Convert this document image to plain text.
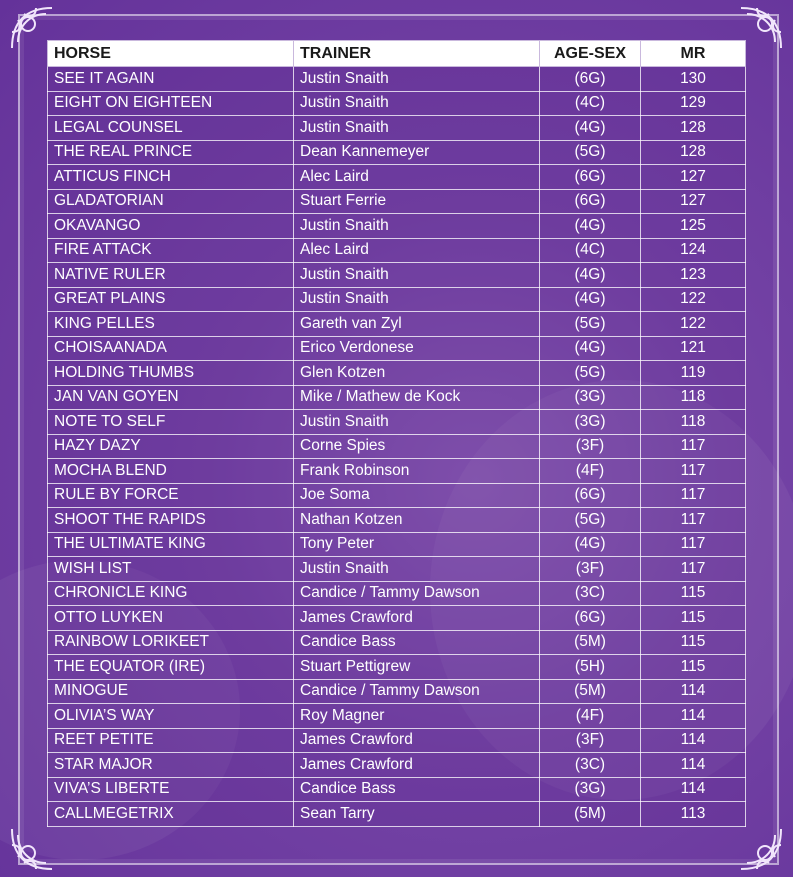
HORSE	TRAINER	AGE-SEX	MR
SEE IT AGAIN	Justin Snaith	(6G)	130
EIGHT ON EIGHTEEN	Justin Snaith	(4C)	129
LEGAL COUNSEL	Justin Snaith	(4G)	128
THE REAL PRINCE	Dean Kannemeyer	(5G)	128
ATTICUS FINCH	Alec Laird	(6G)	127
GLADATORIAN	Stuart Ferrie	(6G)	127
OKAVANGO	Justin Snaith	(4G)	125
FIRE ATTACK	Alec Laird	(4C)	124
NATIVE RULER	Justin Snaith	(4G)	123
GREAT PLAINS	Justin Snaith	(4G)	122
KING PELLES	Gareth van Zyl	(5G)	122
CHOISAANADA	Erico Verdonese	(4G)	121
HOLDING THUMBS	Glen Kotzen	(5G)	119
JAN VAN GOYEN	Mike / Mathew de Kock	(3G)	118
NOTE TO SELF	Justin Snaith	(3G)	118
HAZY DAZY	Corne Spies	(3F)	117
MOCHA BLEND	Frank Robinson	(4F)	117
RULE BY FORCE	Joe Soma	(6G)	117
SHOOT THE RAPIDS	Nathan Kotzen	(5G)	117
THE ULTIMATE KING	Tony Peter	(4G)	117
WISH LIST	Justin Snaith	(3F)	117
CHRONICLE KING	Candice / Tammy Dawson	(3C)	115
OTTO LUYKEN	James Crawford	(6G)	115
RAINBOW LORIKEET	Candice Bass	(5M)	115
THE EQUATOR (IRE)	Stuart Pettigrew	(5H)	115
MINOGUE	Candice / Tammy Dawson	(5M)	114
OLIVIA’S WAY	Roy Magner	(4F)	114
REET PETITE	James Crawford	(3F)	114
STAR MAJOR	James Crawford	(3C)	114
VIVA’S LIBERTE	Candice Bass	(3G)	114
CALLMEGETRIX	Sean Tarry	(5M)	113
